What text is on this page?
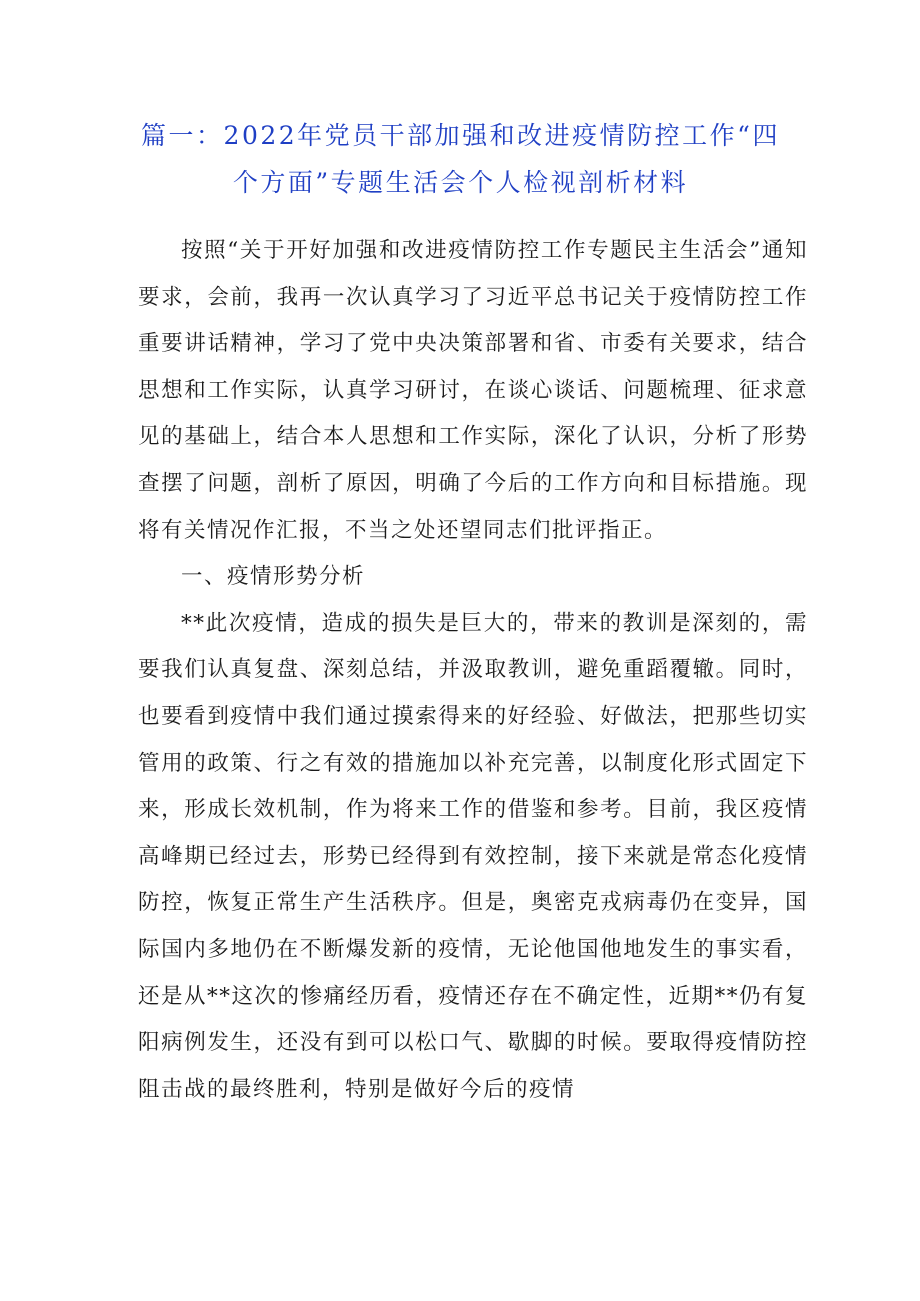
篇一：2022年党员干部加强和改进疫情防控工作“四个方面”专题生活会个人检视剖析材料

按照“关于开好加强和改进疫情防控工作专题民主生活会”通知要求，会前，我再一次认真学习了习近平总书记关于疫情防控工作重要讲话精神，学习了党中央决策部署和省、市委有关要求，结合思想和工作实际，认真学习研讨，在谈心谈话、问题梳理、征求意见的基础上，结合本人思想和工作实际，深化了认识，分析了形势查摆了问题，剖析了原因，明确了今后的工作方向和目标措施。现将有关情况作汇报，不当之处还望同志们批评指正。

一、疫情形势分析

**此次疫情，造成的损失是巨大的，带来的教训是深刻的，需要我们认真复盘、深刻总结，并汲取教训，避免重蹈覆辙。同时，也要看到疫情中我们通过摸索得来的好经验、好做法，把那些切实管用的政策、行之有效的措施加以补充完善，以制度化形式固定下来，形成长效机制，作为将来工作的借鉴和参考。目前，我区疫情高峰期已经过去，形势已经得到有效控制，接下来就是常态化疫情防控，恢复正常生产生活秩序。但是，奥密克戎病毒仍在变异，国际国内多地仍在不断爆发新的疫情，无论他国他地发生的事实看，还是从**这次的惨痛经历看，疫情还存在不确定性，近期**仍有复阳病例发生，还没有到可以松口气、歇脚的时候。要取得疫情防控阻击战的最终胜利，特别是做好今后的疫情
